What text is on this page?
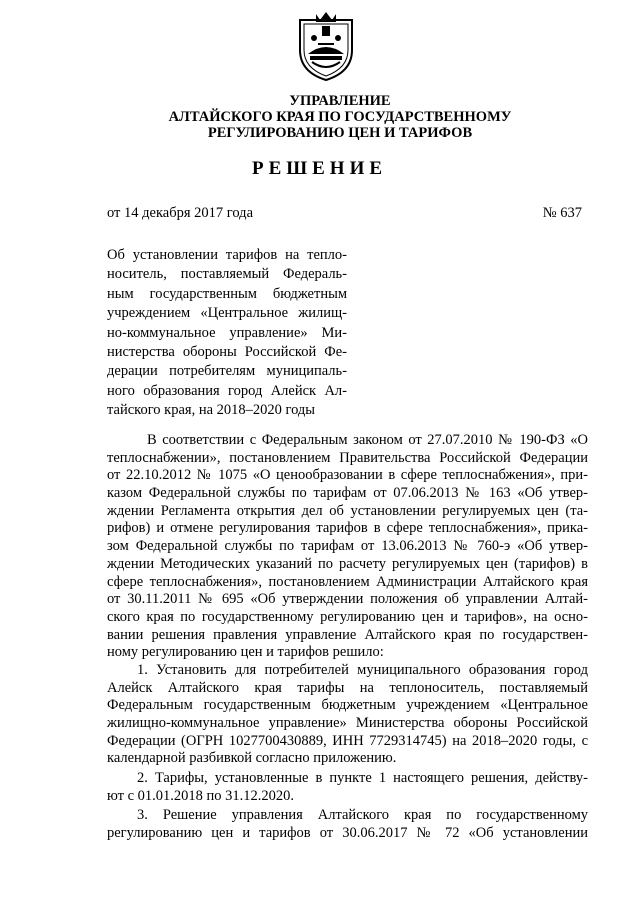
УПРАВЛЕНИЕ
АЛТАЙСКОГО КРАЯ ПО ГОСУДАРСТВЕННОМУ
РЕГУЛИРОВАНИЮ ЦЕН И ТАРИФОВ
РЕШЕНИЕ
от 14 декабря 2017 года	№ 637
Об установлении тарифов на тепло-
носитель, поставляемый Федераль-
ным государственным бюджетным
учреждением «Центральное жилищ-
но-коммунальное управление» Ми-
нистерства обороны Российской Фе-
дерации потребителям муниципаль-
ного образования город Алейск Ал-
тайского края, на 2018–2020 годы
В соответствии с Федеральным законом от 27.07.2010 № 190-ФЗ «О
теплоснабжении», постановлением Правительства Российской Федерации
от 22.10.2012 № 1075 «О ценообразовании в сфере теплоснабжения», при-
казом Федеральной службы по тарифам от 07.06.2013 № 163 «Об утвер-
ждении Регламента открытия дел об установлении регулируемых цен (та-
рифов) и отмене регулирования тарифов в сфере теплоснабжения», прика-
зом Федеральной службы по тарифам от 13.06.2013 № 760-э «Об утвер-
ждении Методических указаний по расчету регулируемых цен (тарифов) в
сфере теплоснабжения», постановлением Администрации Алтайского края
от 30.11.2011 № 695 «Об утверждении положения об управлении Алтай-
ского края по государственному регулированию цен и тарифов», на осно-
вании решения правления управление Алтайского края по государствен-
ному регулированию цен и тарифов решило:
1. Установить для потребителей муниципального образования город
Алейск Алтайского края тарифы на теплоноситель, поставляемый
Федеральным государственным бюджетным учреждением «Центральное
жилищно-коммунальное управление» Министерства обороны Российской
Федерации (ОГРН 1027700430889, ИНН 7729314745) на 2018–2020 годы, с
календарной разбивкой согласно приложению.
2. Тарифы, установленные в пункте 1 настоящего решения, действу-
ют с 01.01.2018 по 31.12.2020.
3. Решение управления Алтайского края по государственному
регулированию цен и тарифов от 30.06.2017 № 72 «Об установлении
